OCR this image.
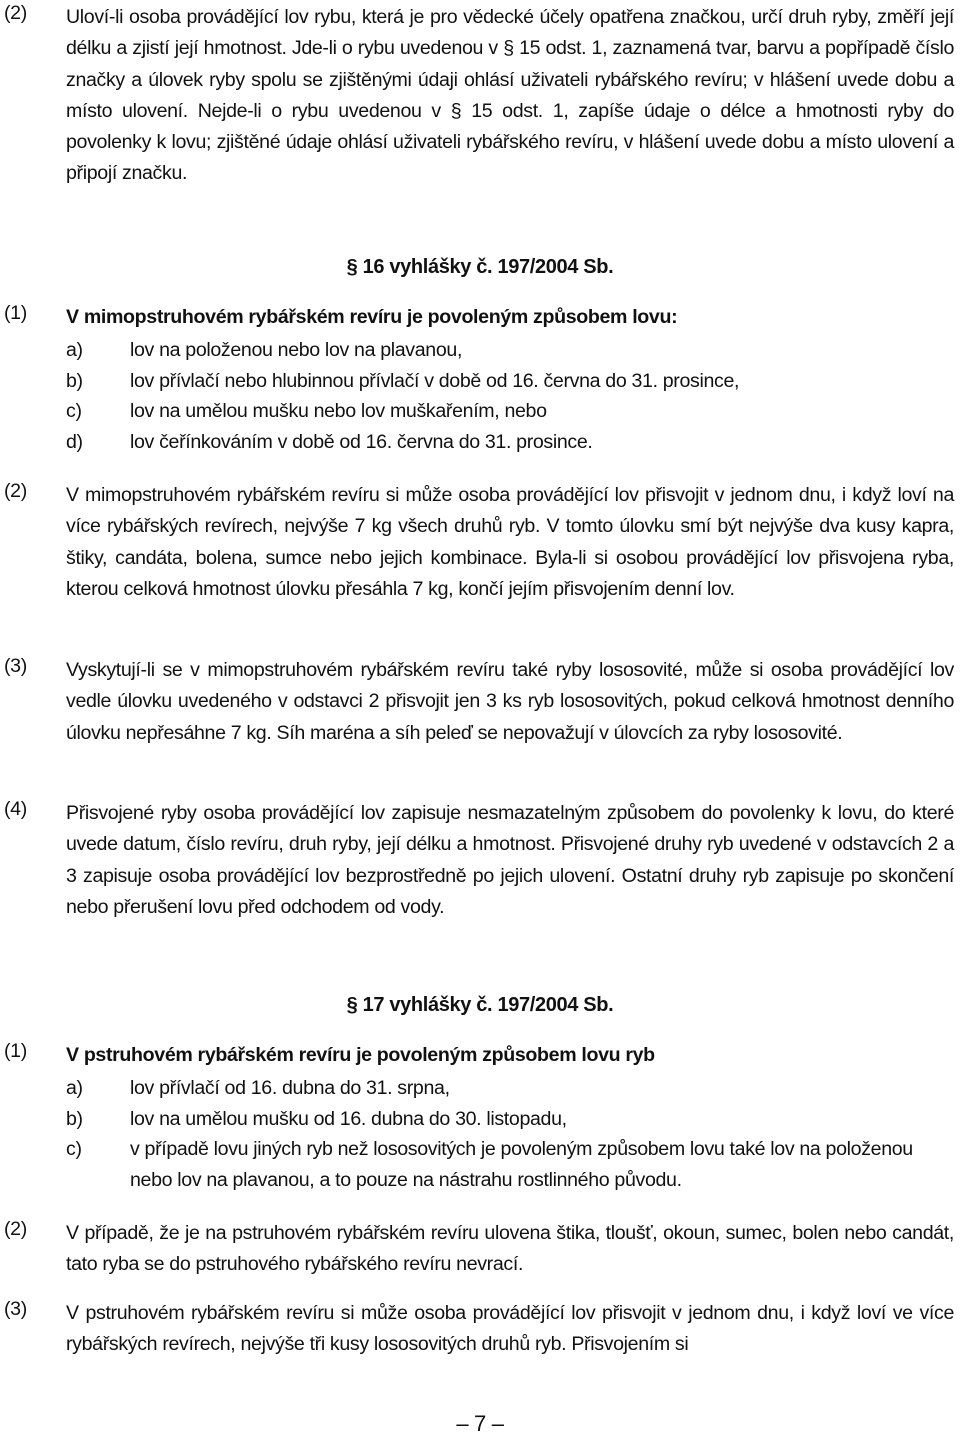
(2) Uloví-li osoba provádějící lov rybu, která je pro vědecké účely opatřena značkou, určí druh ryby, změří její délku a zjistí její hmotnost. Jde-li o rybu uvedenou v § 15 odst. 1, zaznamená tvar, barvu a popřípadě číslo značky a úlovek ryby spolu se zjištěnými údaji ohlásí uživateli rybářského revíru; v hlášení uvede dobu a místo ulovení. Nejde-li o rybu uvedenou v § 15 odst. 1, zapíše údaje o délce a hmotnosti ryby do povolenky k lovu; zjištěné údaje ohlásí uživateli rybářského revíru, v hlášení uvede dobu a místo ulovení a připojí značku.
§ 16 vyhlášky č. 197/2004 Sb.
(1) V mimopstruhovém rybářském revíru je povoleným způsobem lovu:
a) lov na položenou nebo lov na plavanou,
b) lov přívlačí nebo hlubinnou přívlačí v době od 16. června do 31. prosince,
c) lov na umělou mušku nebo lov muškařením, nebo
d) lov čeřínkováním v době od 16. června do 31. prosince.
(2) V mimopstruhovém rybářském revíru si může osoba provádějící lov přisvojit v jednom dnu, i když loví na více rybářských revírech, nejvýše 7 kg všech druhů ryb. V tomto úlovku smí být nejvýše dva kusy kapra, štiky, candáta, bolena, sumce nebo jejich kombinace. Byla-li si osobou provádějící lov přisvojena ryba, kterou celková hmotnost úlovku přesáhla 7 kg, končí jejím přisvojením denní lov.
(3) Vyskytují-li se v mimopstruhovém rybářském revíru také ryby lososovité, může si osoba provádějící lov vedle úlovku uvedeného v odstavci 2 přisvojit jen 3 ks ryb lososovitých, pokud celková hmotnost denního úlovku nepřesáhne 7 kg. Síh maréna a síh peleď se nepovažují v úlovcích za ryby lososovité.
(4) Přisvojené ryby osoba provádějící lov zapisuje nesmazatelným způsobem do povolenky k lovu, do které uvede datum, číslo revíru, druh ryby, její délku a hmotnost. Přisvojené druhy ryb uvedené v odstavcích 2 a 3 zapisuje osoba provádějící lov bezprostředně po jejich ulovení. Ostatní druhy ryb zapisuje po skončení nebo přerušení lovu před odchodem od vody.
§ 17 vyhlášky č. 197/2004 Sb.
(1) V pstruhovém rybářském revíru je povoleným způsobem lovu ryb
a) lov přívlačí od 16. dubna do 31. srpna,
b) lov na umělou mušku od 16. dubna do 30. listopadu,
c) v případě lovu jiných ryb než lososovitých je povoleným způsobem lovu také lov na položenou nebo lov na plavanou, a to pouze na nástrahu rostlinného původu.
(2) V případě, že je na pstruhovém rybářském revíru ulovena štika, tloušť, okoun, sumec, bolen nebo candát, tato ryba se do pstruhového rybářského revíru nevrací.
(3) V pstruhovém rybářském revíru si může osoba provádějící lov přisvojit v jednom dnu, i když loví ve více rybářských revírech, nejvýše tři kusy lososovitých druhů ryb. Přisvojením si
– 7 –
